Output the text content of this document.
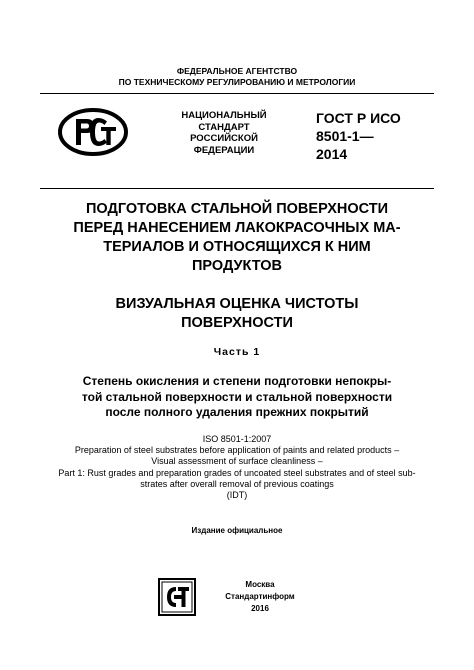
ФЕДЕРАЛЬНОЕ АГЕНТСТВО
ПО ТЕХНИЧЕСКОМУ РЕГУЛИРОВАНИЮ И МЕТРОЛОГИИ
НАЦИОНАЛЬНЫЙ
СТАНДАРТ
РОССИЙСКОЙ
ФЕДЕРАЦИИ
ГОСТ Р ИСО
8501-1—
2014
ПОДГОТОВКА СТАЛЬНОЙ ПОВЕРХНОСТИ
ПЕРЕД НАНЕСЕНИЕМ ЛАКОКРАСОЧНЫХ МА-
ТЕРИАЛОВ И ОТНОСЯЩИХСЯ К НИМ
ПРОДУКТОВ
ВИЗУАЛЬНАЯ ОЦЕНКА ЧИСТОТЫ
ПОВЕРХНОСТИ
Часть 1
Степень окисления и степени подготовки непокры-
той стальной поверхности и стальной поверхности
после полного удаления прежних покрытий
ISO 8501-1:2007
Preparation of steel substrates before application of paints and related products –
Visual assessment of surface cleanliness –
Part 1: Rust grades and preparation grades of uncoated steel substrates and of steel sub-
strates after overall removal of previous coatings
(IDT)
Издание официальное
Москва
Стандартинформ
2016
